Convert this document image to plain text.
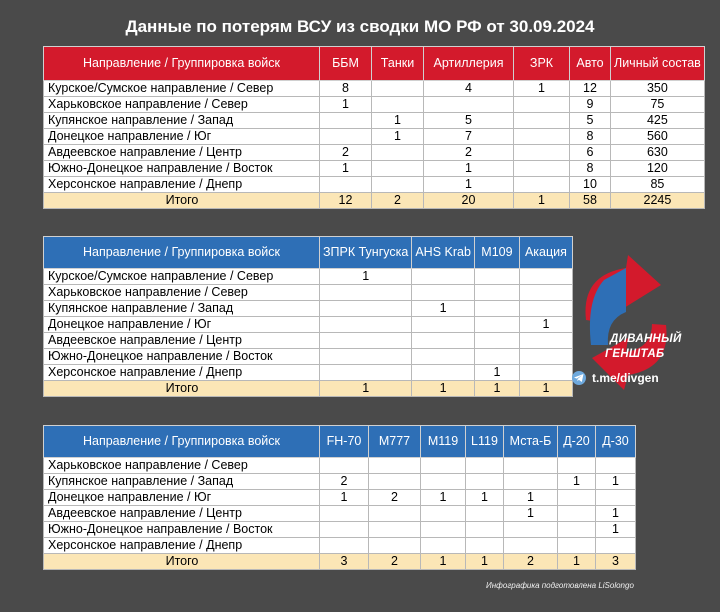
Данные по потерям ВСУ из сводки МО РФ от 30.09.2024
Направление / Группировка войск	ББМ	Танки	Артиллерия	ЗРК	Авто	Личный состав
Курское/Сумское направление / Север	8		4	1	12	350
Харьковское направление / Север	1				9	75
Купянское направление / Запад		1	5		5	425
Донецкое направление / Юг		1	7		8	560
Авдеевское направление / Центр	2		2		6	630
Южно-Донецкое направление / Восток	1		1		8	120
Херсонское направление / Днепр			1		10	85
Итого	12	2	20	1	58	2245
Направление / Группировка войск	ЗПРК Тунгуска	AHS Krab	M109	Акация
Курское/Сумское направление / Север	1			
Харьковское направление / Север				
Купянское направление / Запад		1		
Донецкое направление / Юг				1
Авдеевское направление / Центр				
Южно-Донецкое направление / Восток				
Херсонское направление / Днепр			1	
Итого	1	1	1	1
Направление / Группировка войск	FH-70	M777	M119	L119	Мста-Б	Д-20	Д-30
Харьковское направление / Север							
Купянское направление / Запад	2					1	1
Донецкое направление / Юг	1	2	1	1	1		
Авдеевское направление / Центр					1		1
Южно-Донецкое направление / Восток							1
Херсонское направление / Днепр							
Итого	3	2	1	1	2	1	3
ДИВАННЫЙ
ГЕНШТАБ
t.me/divgen
Инфографика подготовлена LiSolongo
